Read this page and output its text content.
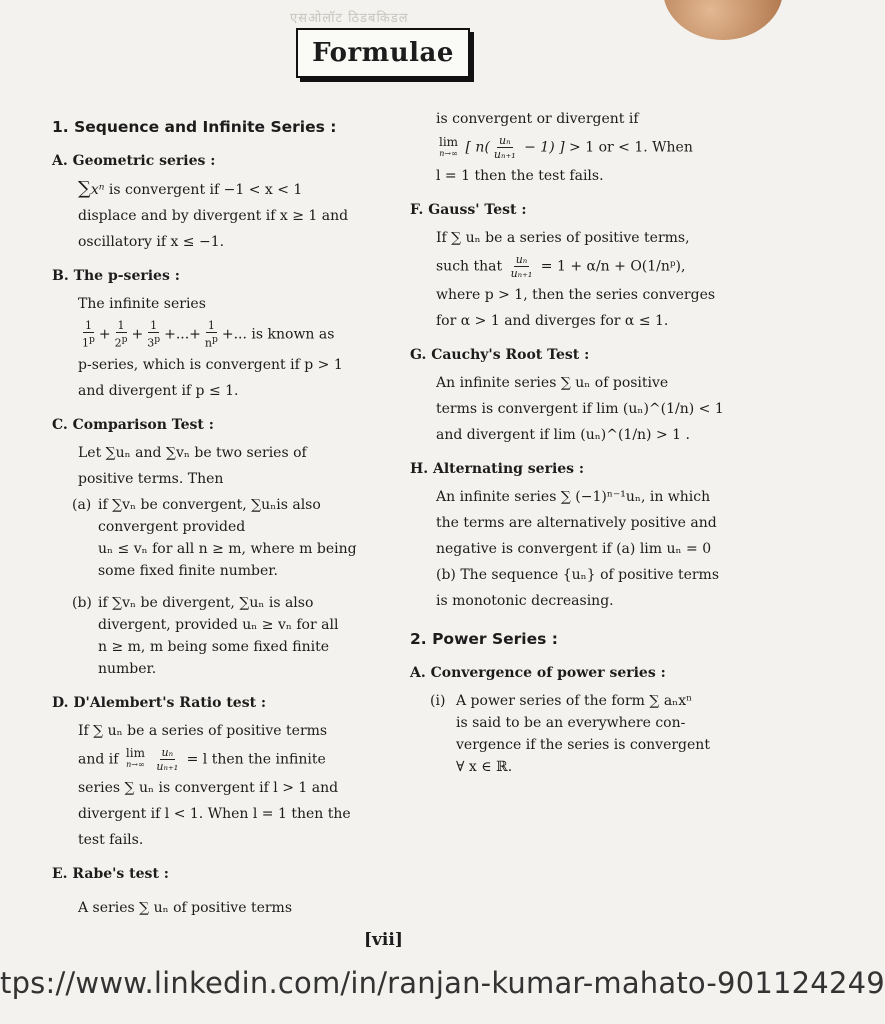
एसओलॉट ठिडबकिडल
Formulae
1. Sequence and Infinite Series :
A. Geometric series :
∑xⁿ is convergent if −1 < x < 1
displace and by divergent if x ≥ 1 and
oscillatory if x ≤ −1.
B. The p-series :
The infinite series
$\frac{1}{1^p} + \frac{1}{2^p} + \frac{1}{3^p}$ +...+ $\frac{1}{n^p}$ +... is known as
p-series, which is convergent if p > 1
and divergent if p ≤ 1.
C. Comparison Test :
Let ∑uₙ and ∑vₙ be two series of
positive terms. Then
(a) if ∑vₙ be convergent, ∑uₙis also
convergent provided
uₙ ≤ vₙ for all n ≥ m, where m being
some fixed finite number.
(b) if ∑vₙ be divergent, ∑uₙ is also
divergent, provided uₙ ≥ vₙ for all
n ≥ m, m being some fixed finite
number.
D. D'Alembert's Ratio test :
If ∑ uₙ be a series of positive terms
and if lim
n→∞
$\frac{\text{uₙ}}{\text{uₙ₊₁}} = l$ then the infinite
series ∑ uₙ is convergent if l > 1 and
divergent if l < 1. When l = 1 then the
test fails.
E. Rabe's test :
A series ∑ uₙ of positive terms
is convergent or divergent if
lim
n→∞ [ $n( \frac{\text{uₙ}}{\text{uₙ₊₁}} - 1)$ ] > 1 or < 1. When
l = 1 then the test fails.
F. Gauss' Test :
If ∑ uₙ be a series of positive terms,
such that $\frac{\text{uₙ}}{\text{uₙ₊₁}} = 1 + \alpha/n$ + O(1/nᵖ),
where p > 1, then the series converges
for α > 1 and diverges for α ≤ 1.
G. Cauchy's Root Test :
An infinite series ∑ uₙ of positive
terms is convergent if lim (uₙ)^(1/n) < 1
and divergent if lim (uₙ)^(1/n) > 1 .
H. Alternating series :
An infinite series ∑ (−1)ⁿ⁻¹uₙ, in which
the terms are alternatively positive and
negative is convergent if (a) lim uₙ = 0
(b) The sequence {uₙ} of positive terms
is monotonic decreasing.
2. Power Series :
A. Convergence of power series :
(i) A power series of the form ∑ aₙxⁿ
is said to be an everywhere con-
vergence if the series is convergent
∀ x ∈ ℝ.
[vii]
tps://www.linkedin.com/in/ranjan-kumar-mahato-901124249
